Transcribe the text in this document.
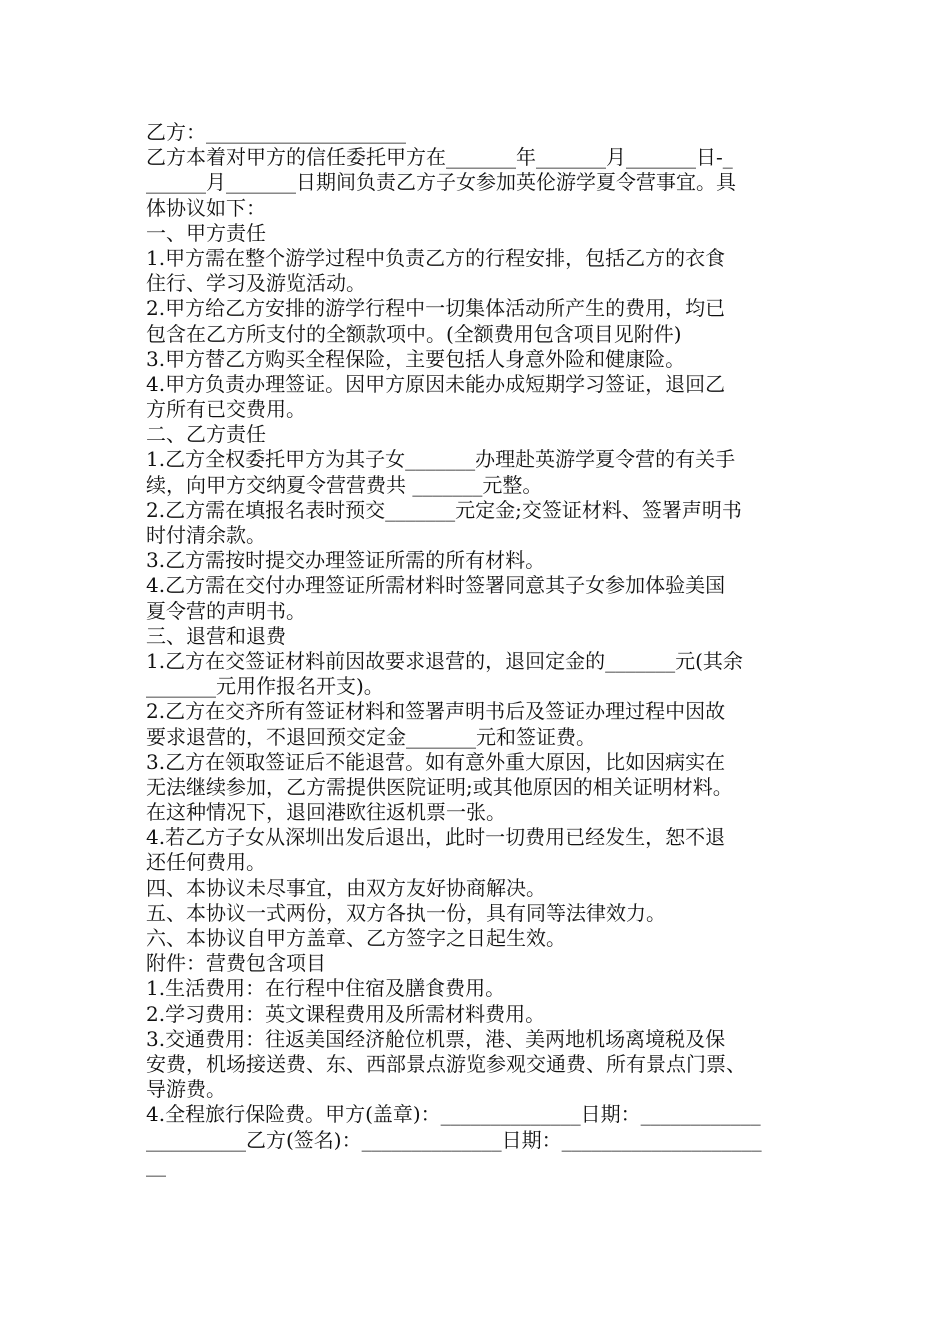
乙方：____________________
乙方本着对甲方的信任委托甲方在_______年_______月_______日-_
______月_______日期间负责乙方子女参加英伦游学夏令营事宜。具
体协议如下：
一、甲方责任
1.甲方需在整个游学过程中负责乙方的行程安排，包括乙方的衣食
住行、学习及游览活动。
2.甲方给乙方安排的游学行程中一切集体活动所产生的费用，均已
包含在乙方所支付的全额款项中。(全额费用包含项目见附件)
3.甲方替乙方购买全程保险，主要包括人身意外险和健康险。
4.甲方负责办理签证。因甲方原因未能办成短期学习签证，退回乙
方所有已交费用。
二、乙方责任
1.乙方全权委托甲方为其子女_______办理赴英游学夏令营的有关手
续，向甲方交纳夏令营营费共 _______元整。
2.乙方需在填报名表时预交_______元定金;交签证材料、签署声明书
时付清余款。
3.乙方需按时提交办理签证所需的所有材料。
4.乙方需在交付办理签证所需材料时签署同意其子女参加体验美国
夏令营的声明书。
三、退营和退费
1.乙方在交签证材料前因故要求退营的，退回定金的_______元(其余
_______元用作报名开支)。
2.乙方在交齐所有签证材料和签署声明书后及签证办理过程中因故
要求退营的，不退回预交定金_______元和签证费。
3.乙方在领取签证后不能退营。如有意外重大原因，比如因病实在
无法继续参加，乙方需提供医院证明;或其他原因的相关证明材料。
在这种情况下，退回港欧往返机票一张。
4.若乙方子女从深圳出发后退出，此时一切费用已经发生，恕不退
还任何费用。
四、本协议未尽事宜，由双方友好协商解决。
五、本协议一式两份，双方各执一份，具有同等法律效力。
六、本协议自甲方盖章、乙方签字之日起生效。
附件：营费包含项目
1.生活费用：在行程中住宿及膳食费用。
2.学习费用：英文课程费用及所需材料费用。
3.交通费用：往返美国经济舱位机票，港、美两地机场离境税及保
安费，机场接送费、东、西部景点游览参观交通费、所有景点门票、
导游费。
4.全程旅行保险费。甲方(盖章)：______________日期：____________
__________乙方(签名)：______________日期：____________________
__
